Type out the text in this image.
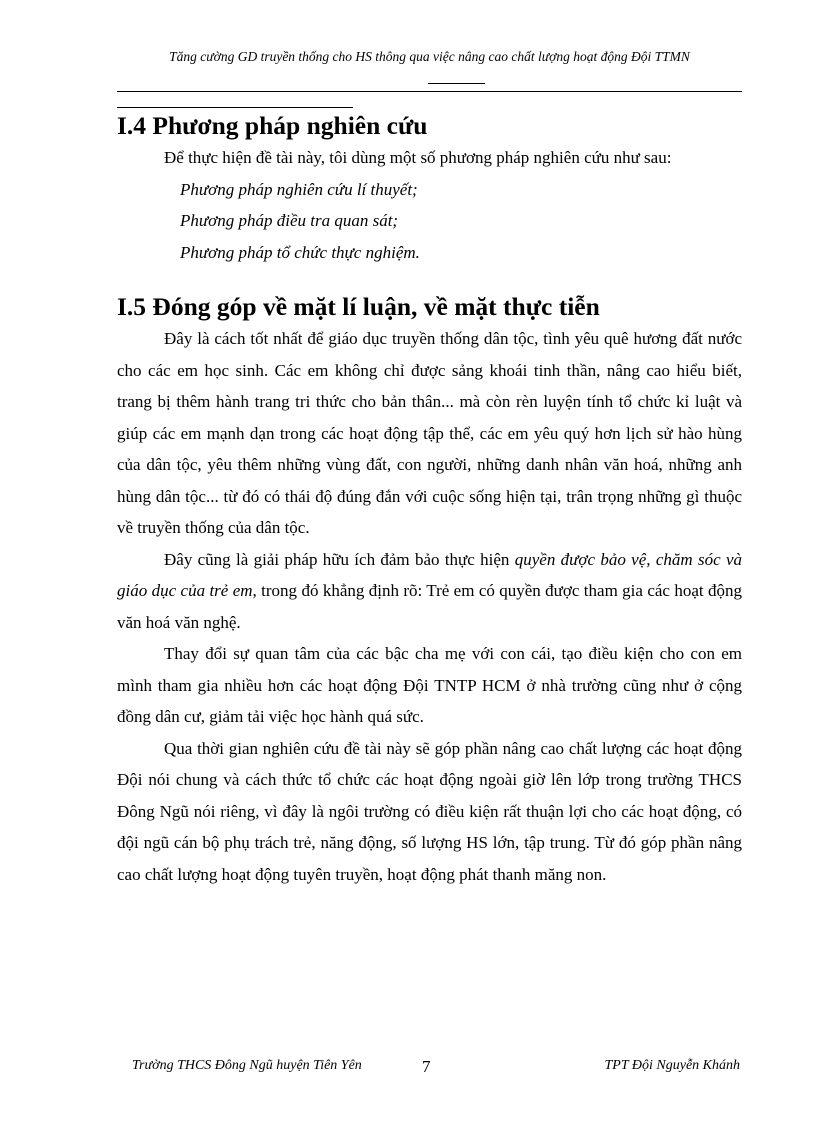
Tăng cường GD truyền thống cho HS thông qua việc nâng cao chất lượng hoạt động Đội TTMN
I.4 Phương pháp nghiên cứu

Để thực hiện đề tài này, tôi dùng một số phương pháp nghiên cứu như sau:

Phương pháp nghiên cứu lí thuyết;
Phương pháp điều tra quan sát;
Phương pháp tổ chức thực nghiệm.
I.5 Đóng góp về mặt lí luận, về mặt thực tiễn

Đây là cách tốt nhất để giáo dục truyền thống dân tộc, tình yêu quê hương đất nước cho các em học sinh. Các em không chỉ được sảng khoái tinh thần, nâng cao hiểu biết, trang bị thêm hành trang tri thức cho bản thân... mà còn rèn luyện tính tổ chức kỉ luật và giúp các em mạnh dạn trong các hoạt động tập thể, các em yêu quý hơn lịch sử hào hùng của dân tộc, yêu thêm những vùng đất, con người, những danh nhân văn hoá, những anh hùng dân tộc... từ đó có thái độ đúng đắn với cuộc sống hiện tại, trân trọng những gì thuộc về truyền thống của dân tộc.

Đây cũng là giải pháp hữu ích đảm bảo thực hiện quyền được bảo vệ, chăm sóc và giáo dục của trẻ em, trong đó khẳng định rõ: Trẻ em có quyền được tham gia các hoạt động văn hoá văn nghệ.

Thay đổi sự quan tâm của các bậc cha mẹ với con cái, tạo điều kiện cho con em mình tham gia nhiều hơn các hoạt động Đội TNTP HCM ở nhà trường cũng như ở cộng đồng dân cư, giảm tải việc học hành quá sức.

Qua thời gian nghiên cứu đề tài này sẽ góp phần nâng cao chất lượng các hoạt động Đội nói chung và cách thức tổ chức các hoạt động ngoài giờ lên lớp trong trường THCS Đông Ngũ nói riêng, vì đây là ngôi trường có điều kiện rất thuận lợi cho các hoạt động, có đội ngũ cán bộ phụ trách trẻ, năng động, số lượng HS lớn, tập trung. Từ đó góp phần nâng cao chất lượng hoạt động tuyên truyền, hoạt động phát thanh măng non.

Trường THCS Đông Ngũ huyện Tiên Yên	7	TPT Đội Nguyễn Khánh
